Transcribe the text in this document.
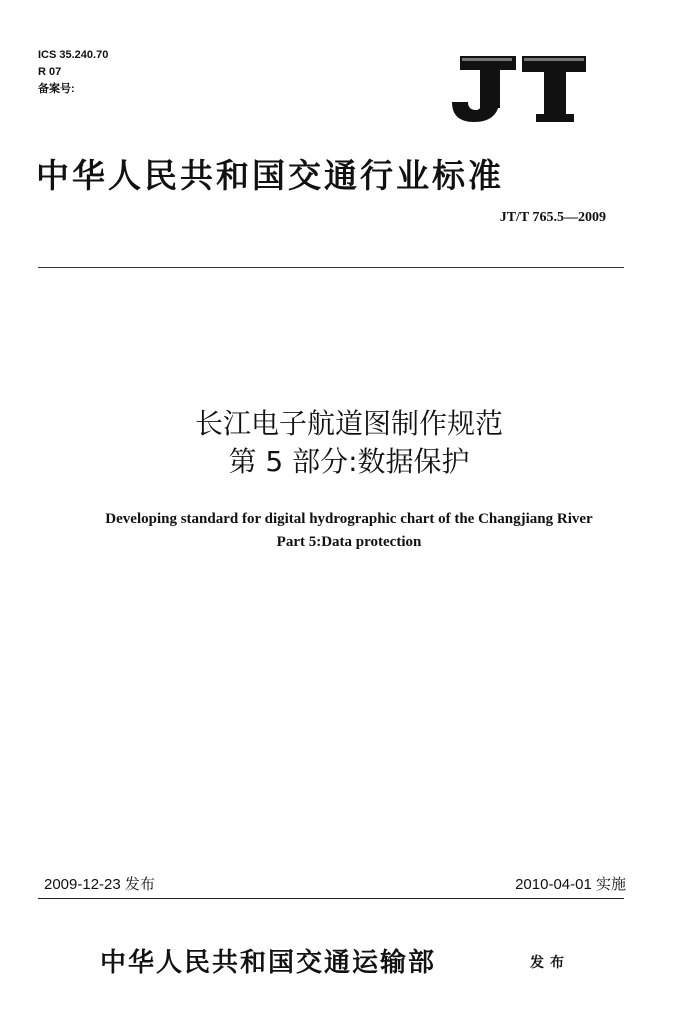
ICS 35.240.70
R 07
备案号:
JT
中华人民共和国交通行业标准
JT/T 765.5—2009
长江电子航道图制作规范
第 5 部分:数据保护
Developing standard for digital hydrographic chart of the Changjiang River
Part 5:Data protection
2009-12-23 发布	2010-04-01 实施
中华人民共和国交通运输部	发布
